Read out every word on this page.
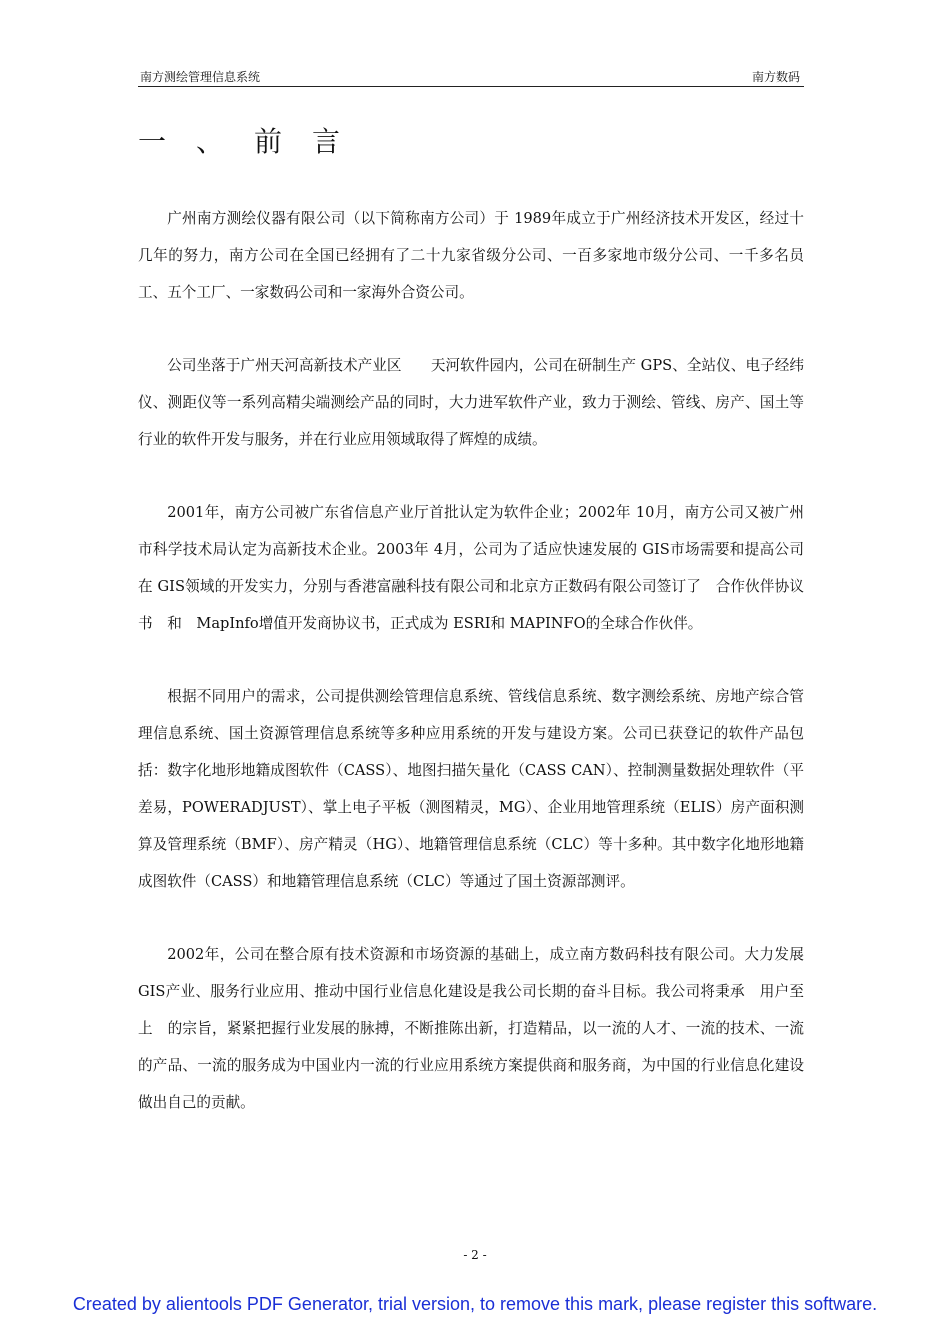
南方测绘管理信息系统	南方数码
一、前言

广州南方测绘仪器有限公司（以下简称南方公司）于 1989年成立于广州经济技术开发区，经过十几年的努力，南方公司在全国已经拥有了二十九家省级分公司、一百多家地市级分公司、一千多名员工、五个工厂、一家数码公司和一家海外合资公司。

公司坐落于广州天河高新技术产业区　　天河软件园内，公司在研制生产 GPS、全站仪、电子经纬仪、测距仪等一系列高精尖端测绘产品的同时，大力进军软件产业，致力于测绘、管线、房产、国土等行业的软件开发与服务，并在行业应用领域取得了辉煌的成绩。

2001年，南方公司被广东省信息产业厅首批认定为软件企业；2002年 10月，南方公司又被广州市科学技术局认定为高新技术企业。2003年 4月，公司为了适应快速发展的 GIS市场需要和提高公司在 GIS领域的开发实力，分别与香港富融科技有限公司和北京方正数码有限公司签订了　合作伙伴协议书　和　MapInfo增值开发商协议书，正式成为 ESRI和 MAPINFO的全球合作伙伴。

根据不同用户的需求，公司提供测绘管理信息系统、管线信息系统、数字测绘系统、房地产综合管理信息系统、国土资源管理信息系统等多种应用系统的开发与建设方案。公司已获登记的软件产品包括：数字化地形地籍成图软件（CASS）、地图扫描矢量化（CASS CAN）、控制测量数据处理软件（平差易，POWERADJUST）、掌上电子平板（测图精灵，MG）、企业用地管理系统（ELIS）房产面积测算及管理系统（BMF）、房产精灵（HG）、地籍管理信息系统（CLC）等十多种。其中数字化地形地籍成图软件（CASS）和地籍管理信息系统（CLC）等通过了国土资源部测评。

2002年，公司在整合原有技术资源和市场资源的基础上，成立南方数码科技有限公司。大力发展 GIS产业、服务行业应用、推动中国行业信息化建设是我公司长期的奋斗目标。我公司将秉承　用户至上　的宗旨，紧紧把握行业发展的脉搏，不断推陈出新，打造精品，以一流的人才、一流的技术、一流的产品、一流的服务成为中国业内一流的行业应用系统方案提供商和服务商，为中国的行业信息化建设做出自己的贡献。

- 2 -
Created by alientools PDF Generator, trial version, to remove this mark, please register this software.
